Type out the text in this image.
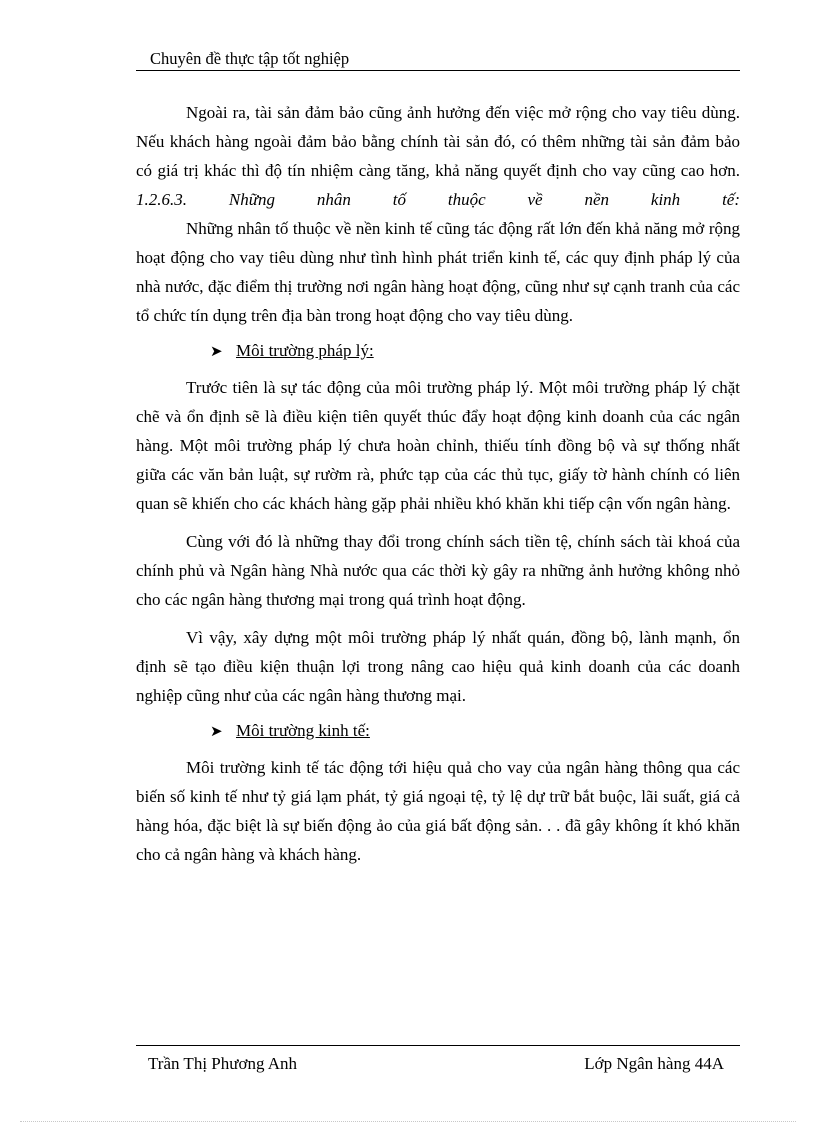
Chuyên đề thực tập tốt nghiệp

Ngoài ra, tài sản đảm bảo cũng ảnh hưởng đến việc mở rộng cho vay tiêu dùng. Nếu khách hàng ngoài đảm bảo bằng chính tài sản đó, có thêm những tài sản đảm bảo có giá trị khác thì độ tín nhiệm càng tăng, khả năng quyết định cho vay cũng cao hơn.

1.2.6.3. Những nhân tố thuộc về nền kinh tế:

Những nhân tố thuộc về nền kinh tế cũng tác động rất lớn đến khả năng mở rộng hoạt động cho vay tiêu dùng như tình hình phát triển kinh tế, các quy định pháp lý của nhà nước, đặc điểm thị trường nơi ngân hàng hoạt động, cũng như sự cạnh tranh của các tổ chức tín dụng trên địa bàn trong hoạt động cho vay tiêu dùng.

➤ Môi trường pháp lý:

Trước tiên là sự tác động của môi trường pháp lý. Một môi trường pháp lý chặt chẽ và ổn định sẽ là điều kiện tiên quyết thúc đẩy hoạt động kinh doanh của các ngân hàng. Một môi trường pháp lý chưa hoàn chỉnh, thiếu tính đồng bộ và sự thống nhất giữa các văn bản luật, sự rườm rà, phức tạp của các thủ tục, giấy tờ hành chính có liên quan sẽ khiến cho các khách hàng gặp phải nhiều khó khăn khi tiếp cận vốn ngân hàng.

Cùng với đó là những thay đổi trong chính sách tiền tệ, chính sách tài khoá của chính phủ và Ngân hàng Nhà nước qua các thời kỳ gây ra những ảnh hưởng không nhỏ cho các ngân hàng thương mại trong quá trình hoạt động.

Vì vậy, xây dựng một môi trường pháp lý nhất quán, đồng bộ, lành mạnh, ổn định sẽ tạo điều kiện thuận lợi trong nâng cao hiệu quả kinh doanh của các doanh nghiệp cũng như của các ngân hàng thương mại.

➤ Môi trường kinh tế:

Môi trường kinh tế tác động tới hiệu quả cho vay của ngân hàng thông qua các biến số kinh tế như tỷ giá lạm phát, tỷ giá ngoại tệ, tỷ lệ dự trữ bắt buộc, lãi suất, giá cả hàng hóa, đặc biệt là sự biến động ảo của giá bất động sản. . . đã gây không ít khó khăn cho cả ngân hàng và khách hàng.

Trần Thị Phương Anh	Lớp Ngân hàng 44A
